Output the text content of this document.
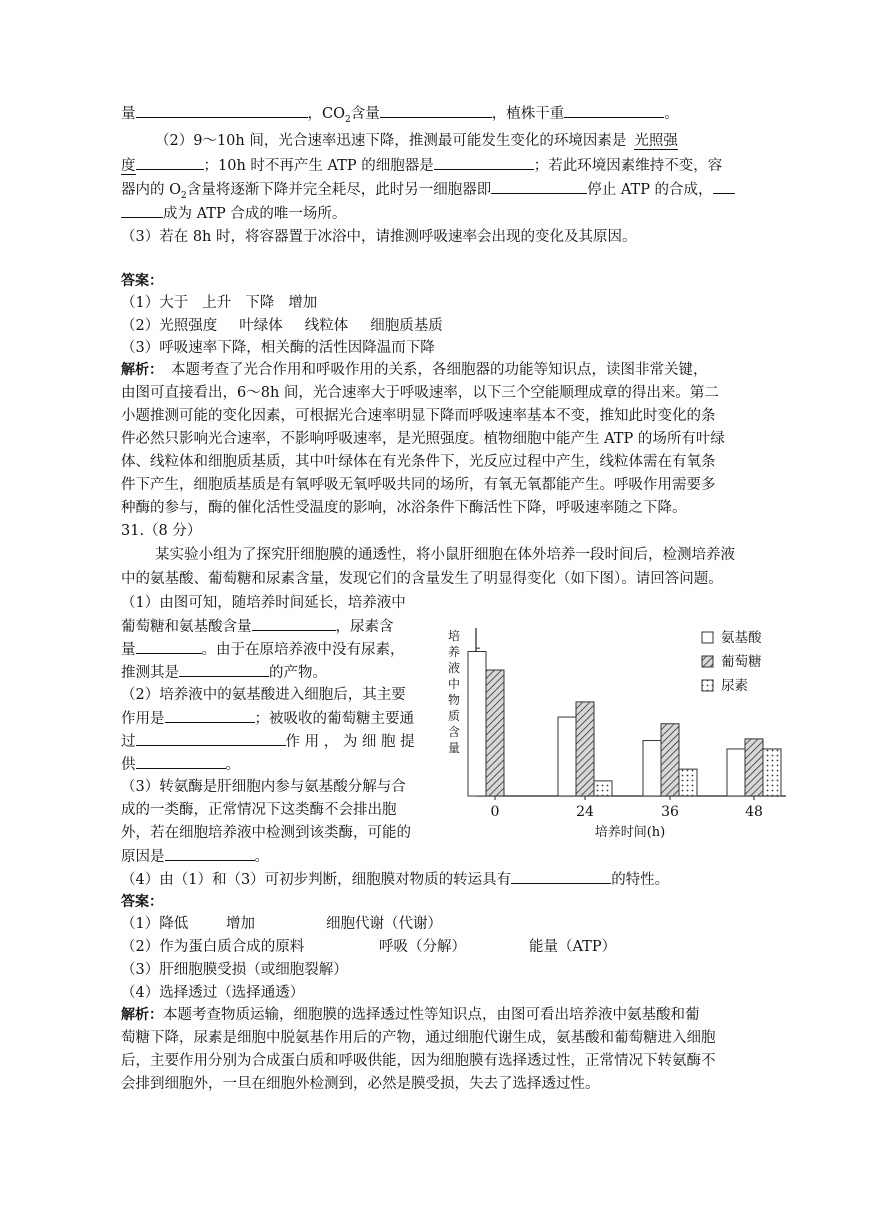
量	，$CO_2$含量	，植株干重	。
（2）9～10h 间，光合速率迅速下降，推测最可能发生变化的环境因素是 光照强
度	；10h 时不再产生 ATP 的细胞器是	；若此环境因素维持不变，容
器内的 $O_2$含量将逐渐下降并完全耗尽，此时另一细胞器即	停止 ATP 的合成，
成为 ATP 合成的唯一场所。
（3）若在 8h 时，将容器置于冰浴中，请推测呼吸速率会出现的变化及其原因。
答案：
（1）大于 上升 下降 增加
（2）光照强度 叶绿体 线粒体 细胞质基质
（3）呼吸速率下降，相关酶的活性因降温而下降
解析： 本题考查了光合作用和呼吸作用的关系，各细胞器的功能等知识点，读图非常关键，
由图可直接看出，6～8h 间，光合速率大于呼吸速率，以下三个空能顺理成章的得出来。第二
小题推测可能的变化因素，可根据光合速率明显下降而呼吸速率基本不变，推知此时变化的条
件必然只影响光合速率，不影响呼吸速率，是光照强度。植物细胞中能产生 ATP 的场所有叶绿
体、线粒体和细胞质基质，其中叶绿体在有光条件下，光反应过程中产生，线粒体需在有氧条
件下产生，细胞质基质是有氧呼吸无氧呼吸共同的场所，有氧无氧都能产生。呼吸作用需要多
种酶的参与，酶的催化活性受温度的影响，冰浴条件下酶活性下降，呼吸速率随之下降。
31.（8 分）
某实验小组为了探究肝细胞膜的通透性，将小鼠肝细胞在体外培养一段时间后，检测培养液
中的氨基酸、葡萄糖和尿素含量，发现它们的含量发生了明显得变化（如下图）。请回答问题。
（1）由图可知，随培养时间延长，培养液中
葡萄糖和氨基酸含量	，尿素含
量	。由于在原培养液中没有尿素，
推测其是	的产物。
（2）培养液中的氨基酸进入细胞后，其主要
作用是	；被吸收的葡萄糖主要通
过	作 用 ， 为 细 胞 提
供	。
（3）转氨酶是肝细胞内参与氨基酸分解与合
成的一类酶，正常情况下这类酶不会排出胞
外，若在细胞培养液中检测到该类酶，可能的
原因是	。
（4）由（1）和（3）可初步判断，细胞膜对物质的转运具有	的特性。
答案：
（1）降低	增加	细胞代谢（代谢）
（2）作为蛋白质合成的原料	呼吸（分解）	能量（ATP）
（3）肝细胞膜受损（或细胞裂解）
（4）选择透过（选择通透）
解析：本题考查物质运输，细胞膜的选择透过性等知识点，由图可看出培养液中氨基酸和葡
萄糖下降，尿素是细胞中脱氨基作用后的产物，通过细胞代谢生成，氨基酸和葡萄糖进入细胞
后，主要作用分别为合成蛋白质和呼吸供能，因为细胞膜有选择透过性，正常情况下转氨酶不
会排到细胞外，一旦在细胞外检测到，必然是膜受损，失去了选择透过性。
0	24	36	48
培养时间(h)
培养液中物质含量
氨基酸
葡萄糖
尿素
